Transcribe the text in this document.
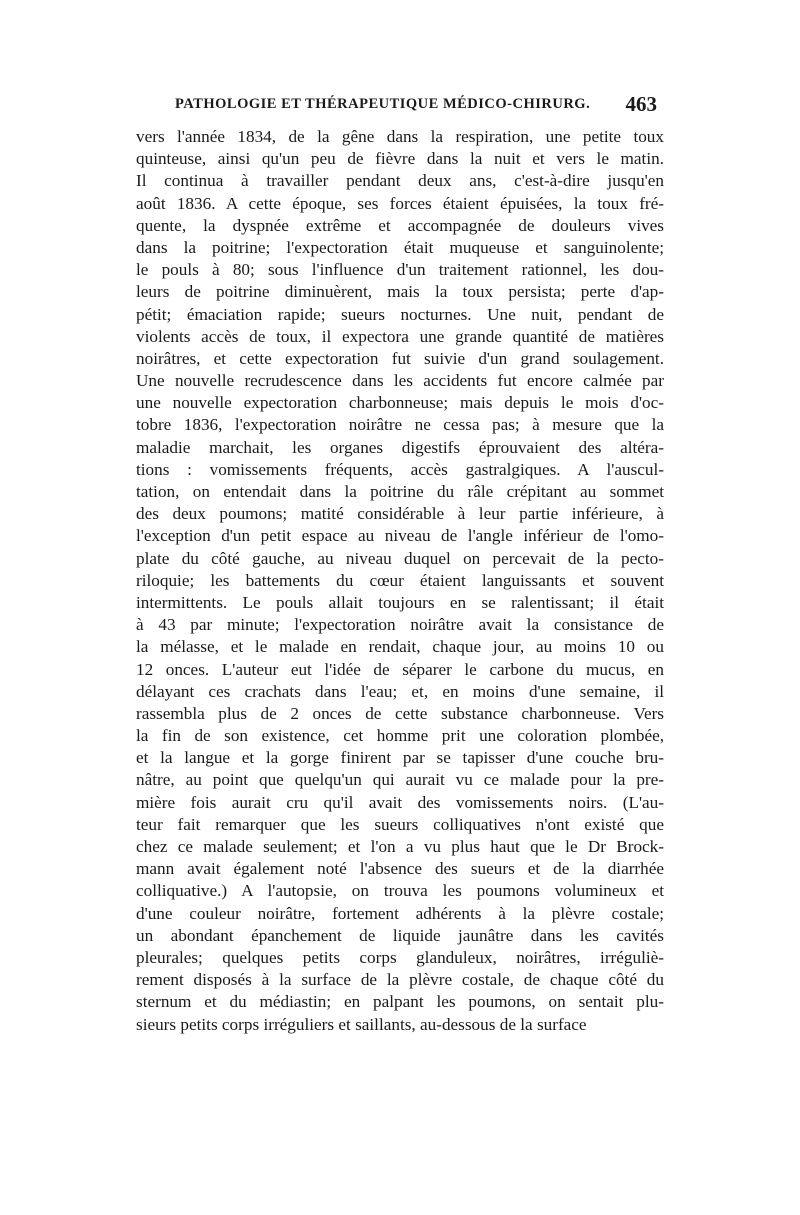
PATHOLOGIE ET THÉRAPEUTIQUE MÉDICO-CHIRURG. 463
vers l'année 1834, de la gêne dans la respiration, une petite toux
quinteuse, ainsi qu'un peu de fièvre dans la nuit et vers le matin.
Il continua à travailler pendant deux ans, c'est-à-dire jusqu'en
août 1836. A cette époque, ses forces étaient épuisées, la toux fré-
quente, la dyspnée extrême et accompagnée de douleurs vives
dans la poitrine; l'expectoration était muqueuse et sanguinolente;
le pouls à 80; sous l'influence d'un traitement rationnel, les dou-
leurs de poitrine diminuèrent, mais la toux persista; perte d'ap-
pétit; émaciation rapide; sueurs nocturnes. Une nuit, pendant de
violents accès de toux, il expectora une grande quantité de matières
noirâtres, et cette expectoration fut suivie d'un grand soulagement.
Une nouvelle recrudescence dans les accidents fut encore calmée par
une nouvelle expectoration charbonneuse; mais depuis le mois d'oc-
tobre 1836, l'expectoration noirâtre ne cessa pas; à mesure que la
maladie marchait, les organes digestifs éprouvaient des altéra-
tions : vomissements fréquents, accès gastralgiques. A l'auscul-
tation, on entendait dans la poitrine du râle crépitant au sommet
des deux poumons; matité considérable à leur partie inférieure, à
l'exception d'un petit espace au niveau de l'angle inférieur de l'omo-
plate du côté gauche, au niveau duquel on percevait de la pecto-
riloquie; les battements du cœur étaient languissants et souvent
intermittents. Le pouls allait toujours en se ralentissant; il était
à 43 par minute; l'expectoration noirâtre avait la consistance de
la mélasse, et le malade en rendait, chaque jour, au moins 10 ou
12 onces. L'auteur eut l'idée de séparer le carbone du mucus, en
délayant ces crachats dans l'eau; et, en moins d'une semaine, il
rassembla plus de 2 onces de cette substance charbonneuse. Vers
la fin de son existence, cet homme prit une coloration plombée,
et la langue et la gorge finirent par se tapisser d'une couche bru-
nâtre, au point que quelqu'un qui aurait vu ce malade pour la pre-
mière fois aurait cru qu'il avait des vomissements noirs. (L'au-
teur fait remarquer que les sueurs colliquatives n'ont existé que
chez ce malade seulement; et l'on a vu plus haut que le Dr Brock-
mann avait également noté l'absence des sueurs et de la diarrhée
colliquative.) A l'autopsie, on trouva les poumons volumineux et
d'une couleur noirâtre, fortement adhérents à la plèvre costale;
un abondant épanchement de liquide jaunâtre dans les cavités
pleurales; quelques petits corps glanduleux, noirâtres, irréguliè-
rement disposés à la surface de la plèvre costale, de chaque côté du
sternum et du médiastin; en palpant les poumons, on sentait plu-
sieurs petits corps irréguliers et saillants, au-dessous de la surface
